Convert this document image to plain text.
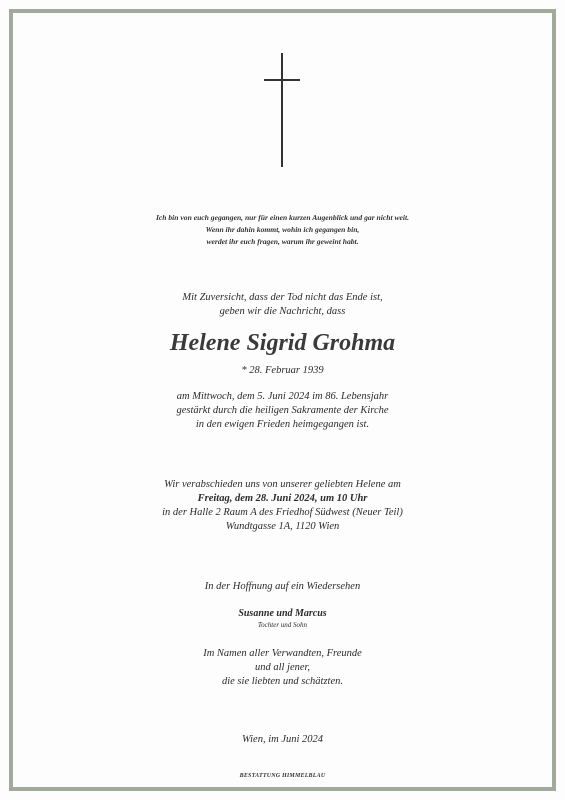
Ich bin von euch gegangen, nur für einen kurzen Augenblick und gar nicht weit.
Wenn ihr dahin kommt, wohin ich gegangen bin,
werdet ihr euch fragen, warum ihr geweint habt.
Mit Zuversicht, dass der Tod nicht das Ende ist,
geben wir die Nachricht, dass
Helene Sigrid Grohma
* 28. Februar 1939
am Mittwoch, dem 5. Juni 2024 im 86. Lebensjahr
gestärkt durch die heiligen Sakramente der Kirche
in den ewigen Frieden heimgegangen ist.
Wir verabschieden uns von unserer geliebten Helene am
Freitag, dem 28. Juni 2024, um 10 Uhr
in der Halle 2 Raum A des Friedhof Südwest (Neuer Teil)
Wundtgasse 1A, 1120 Wien
In der Hoffnung auf ein Wiedersehen
Susanne und Marcus
Tochter und Sohn
Im Namen aller Verwandten, Freunde
und all jener,
die sie liebten und schätzten.
Wien, im Juni 2024
BESTATTUNG HIMMELBLAU
